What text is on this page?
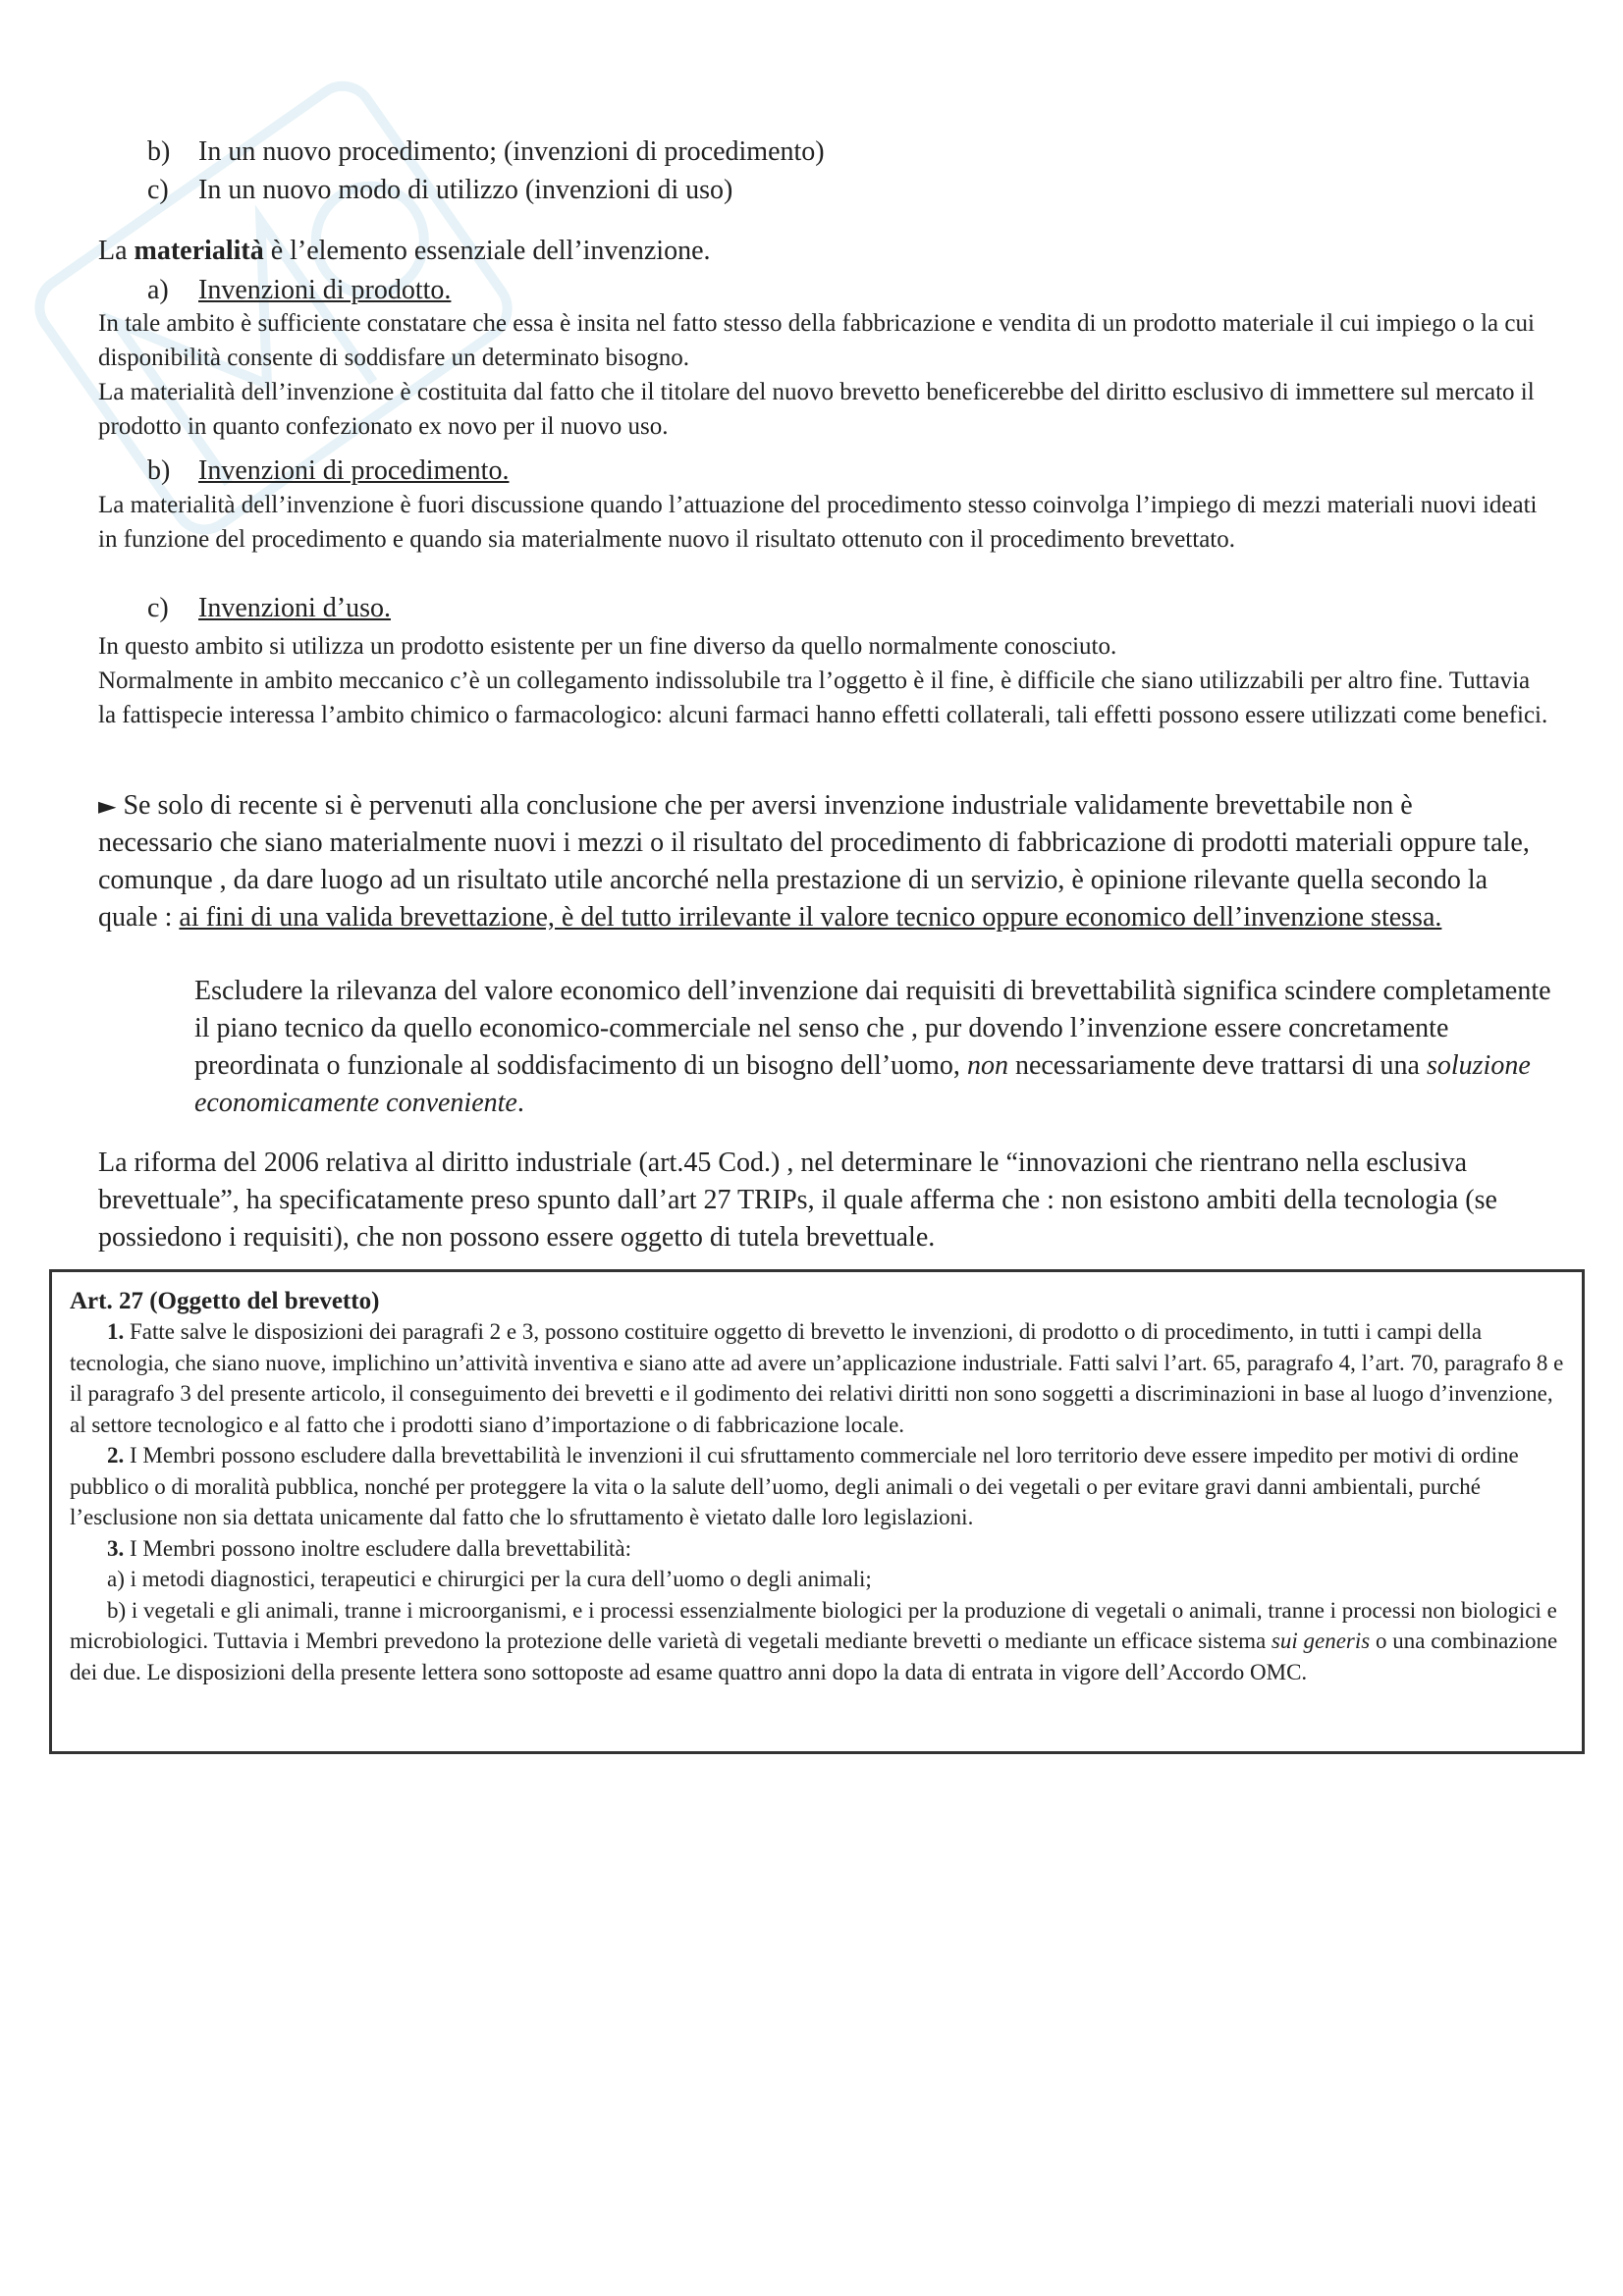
b) In un nuovo procedimento; (invenzioni di procedimento)

c) In un nuovo modo di utilizzo (invenzioni di uso)

La materialità è l’elemento essenziale dell’invenzione.

a) Invenzioni di prodotto.

In tale ambito è sufficiente constatare che essa è insita nel fatto stesso della fabbricazione e vendita di un prodotto materiale il cui impiego o la cui disponibilità consente di soddisfare un determinato bisogno.

La materialità dell’invenzione è costituita dal fatto che il titolare del nuovo brevetto beneficerebbe del diritto esclusivo di immettere sul mercato il prodotto in quanto confezionato ex novo per il nuovo uso.

b) Invenzioni di procedimento.

La materialità dell’invenzione è fuori discussione quando l’attuazione del procedimento stesso coinvolga l’impiego di mezzi materiali nuovi ideati in funzione del procedimento e quando sia materialmente nuovo il risultato ottenuto con il procedimento brevettato.

c) Invenzioni d’uso.

In questo ambito si utilizza un prodotto esistente per un fine diverso da quello normalmente conosciuto.

Normalmente in ambito meccanico c’è un collegamento indissolubile tra l’oggetto è il fine, è difficile che siano utilizzabili per altro fine. Tuttavia la fattispecie interessa l’ambito chimico o farmacologico: alcuni farmaci hanno effetti collaterali, tali effetti possono essere utilizzati come benefici.

► Se solo di recente si è pervenuti alla conclusione che per aversi invenzione industriale validamente brevettabile non è necessario che siano materialmente nuovi i mezzi o il risultato del procedimento di fabbricazione di prodotti materiali oppure tale, comunque , da dare luogo ad un risultato utile ancorché nella prestazione di un servizio, è opinione rilevante quella secondo la quale : ai fini di una valida brevettazione, è del tutto irrilevante il valore tecnico oppure economico dell’invenzione stessa.

Escludere la rilevanza del valore economico dell’invenzione dai requisiti di brevettabilità significa scindere completamente il piano tecnico da quello economico-commerciale nel senso che , pur dovendo l’invenzione essere concretamente preordinata o funzionale al soddisfacimento di un bisogno dell’uomo, non necessariamente deve trattarsi di una soluzione economicamente conveniente.

La riforma del 2006 relativa al diritto industriale (art.45 Cod.) , nel determinare le “innovazioni che rientrano nella esclusiva brevettuale”, ha specificatamente preso spunto dall’art 27 TRIPs, il quale afferma che : non esistono ambiti della tecnologia (se possiedono i requisiti), che non possono essere oggetto di tutela brevettuale.

Art. 27 (Oggetto del brevetto)

1. Fatte salve le disposizioni dei paragrafi 2 e 3, possono costituire oggetto di brevetto le invenzioni, di prodotto o di procedimento, in tutti i campi della tecnologia, che siano nuove, implichino un’attività inventiva e siano atte ad avere un’applicazione industriale. Fatti salvi l’art. 65, paragrafo 4, l’art. 70, paragrafo 8 e il paragrafo 3 del presente articolo, il conseguimento dei brevetti e il godimento dei relativi diritti non sono soggetti a discriminazioni in base al luogo d’invenzione, al settore tecnologico e al fatto che i prodotti siano d’importazione o di fabbricazione locale.

2. I Membri possono escludere dalla brevettabilità le invenzioni il cui sfruttamento commerciale nel loro territorio deve essere impedito per motivi di ordine pubblico o di moralità pubblica, nonché per proteggere la vita o la salute dell’uomo, degli animali o dei vegetali o per evitare gravi danni ambientali, purché l’esclusione non sia dettata unicamente dal fatto che lo sfruttamento è vietato dalle loro legislazioni.

3. I Membri possono inoltre escludere dalla brevettabilità:

a) i metodi diagnostici, terapeutici e chirurgici per la cura dell’uomo o degli animali;

b) i vegetali e gli animali, tranne i microorganismi, e i processi essenzialmente biologici per la produzione di vegetali o animali, tranne i processi non biologici e microbiologici. Tuttavia i Membri prevedono la protezione delle varietà di vegetali mediante brevetti o mediante un efficace sistema sui generis o una combinazione dei due. Le disposizioni della presente lettera sono sottoposte ad esame quattro anni dopo la data di entrata in vigore dell’Accordo OMC.
